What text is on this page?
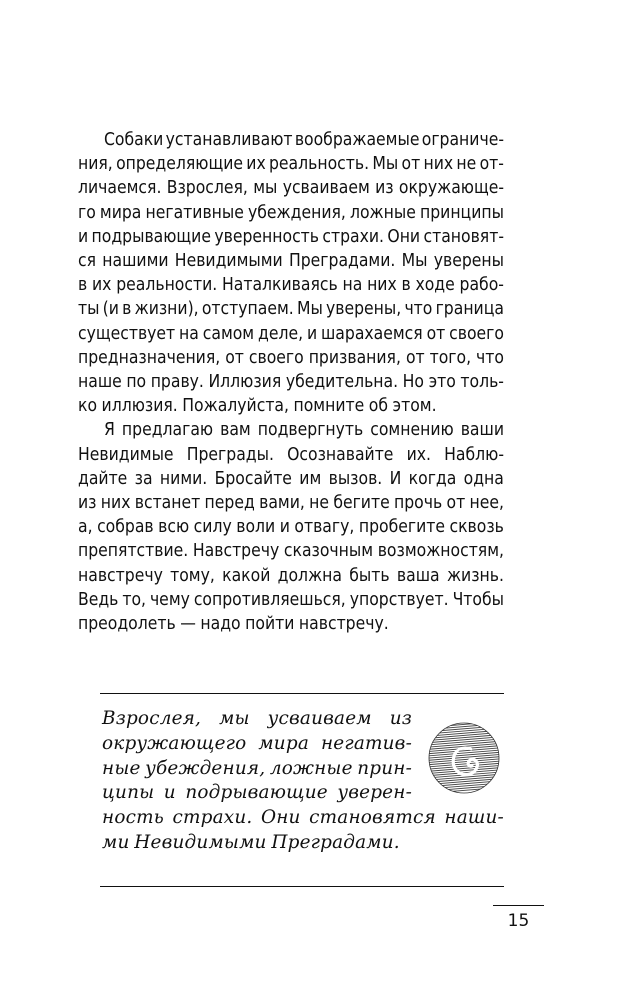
Собаки устанавливают воображаемые ограниче-
ния, определяющие их реальность. Мы от них не от-
личаемся. Взрослея, мы усваиваем из окружающе-
го мира негативные убеждения, ложные принципы
и подрывающие уверенность страхи. Они становят-
ся нашими Невидимыми Преградами. Мы уверены
в их реальности. Наталкиваясь на них в ходе рабо-
ты (и в жизни), отступаем. Мы уверены, что граница
существует на самом деле, и шарахаемся от своего
предназначения, от своего призвания, от того, что
наше по праву. Иллюзия убедительна. Но это толь-
ко иллюзия. Пожалуйста, помните об этом.
Я предлагаю вам подвергнуть сомнению ваши
Невидимые Преграды. Осознавайте их. Наблю-
дайте за ними. Бросайте им вызов. И когда одна
из них встанет перед вами, не бегите прочь от нее,
а, собрав всю силу воли и отвагу, пробегите сквозь
препятствие. Навстречу сказочным возможностям,
навстречу тому, какой должна быть ваша жизнь.
Ведь то, чему сопротивляешься, упорствует. Чтобы
преодолеть — надо пойти навстречу.
Взрослея, мы усваиваем из
окружающего мира негатив-
ные убеждения, ложные прин-
ципы и подрывающие уверен-
ность страхи. Они становятся наши-
ми Невидимыми Преградами.
15
